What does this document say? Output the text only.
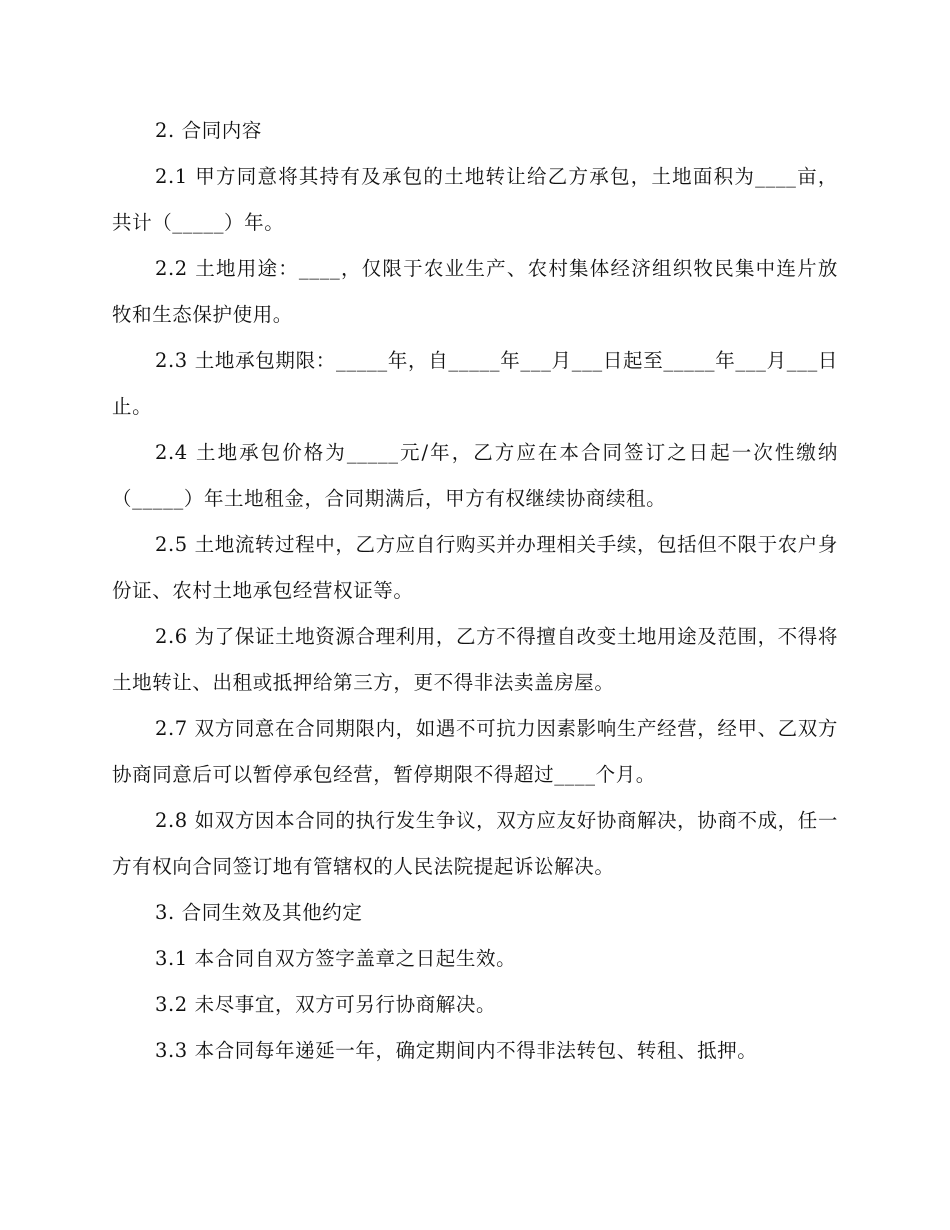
2. 合同内容

2.1 甲方同意将其持有及承包的土地转让给乙方承包，土地面积为____亩，共计（_____）年。

2.2 土地用途：____，仅限于农业生产、农村集体经济组织牧民集中连片放牧和生态保护使用。

2.3 土地承包期限：_____年，自_____年___月___日起至_____年___月___日止。

2.4 土地承包价格为_____元/年，乙方应在本合同签订之日起一次性缴纳（_____）年土地租金，合同期满后，甲方有权继续协商续租。

2.5 土地流转过程中，乙方应自行购买并办理相关手续，包括但不限于农户身份证、农村土地承包经营权证等。

2.6 为了保证土地资源合理利用，乙方不得擅自改变土地用途及范围，不得将土地转让、出租或抵押给第三方，更不得非法卖盖房屋。

2.7 双方同意在合同期限内，如遇不可抗力因素影响生产经营，经甲、乙双方协商同意后可以暂停承包经营，暂停期限不得超过____个月。

2.8 如双方因本合同的执行发生争议，双方应友好协商解决，协商不成，任一方有权向合同签订地有管辖权的人民法院提起诉讼解决。

3. 合同生效及其他约定

3.1 本合同自双方签字盖章之日起生效。

3.2 未尽事宜，双方可另行协商解决。

3.3 本合同每年递延一年，确定期间内不得非法转包、转租、抵押。
